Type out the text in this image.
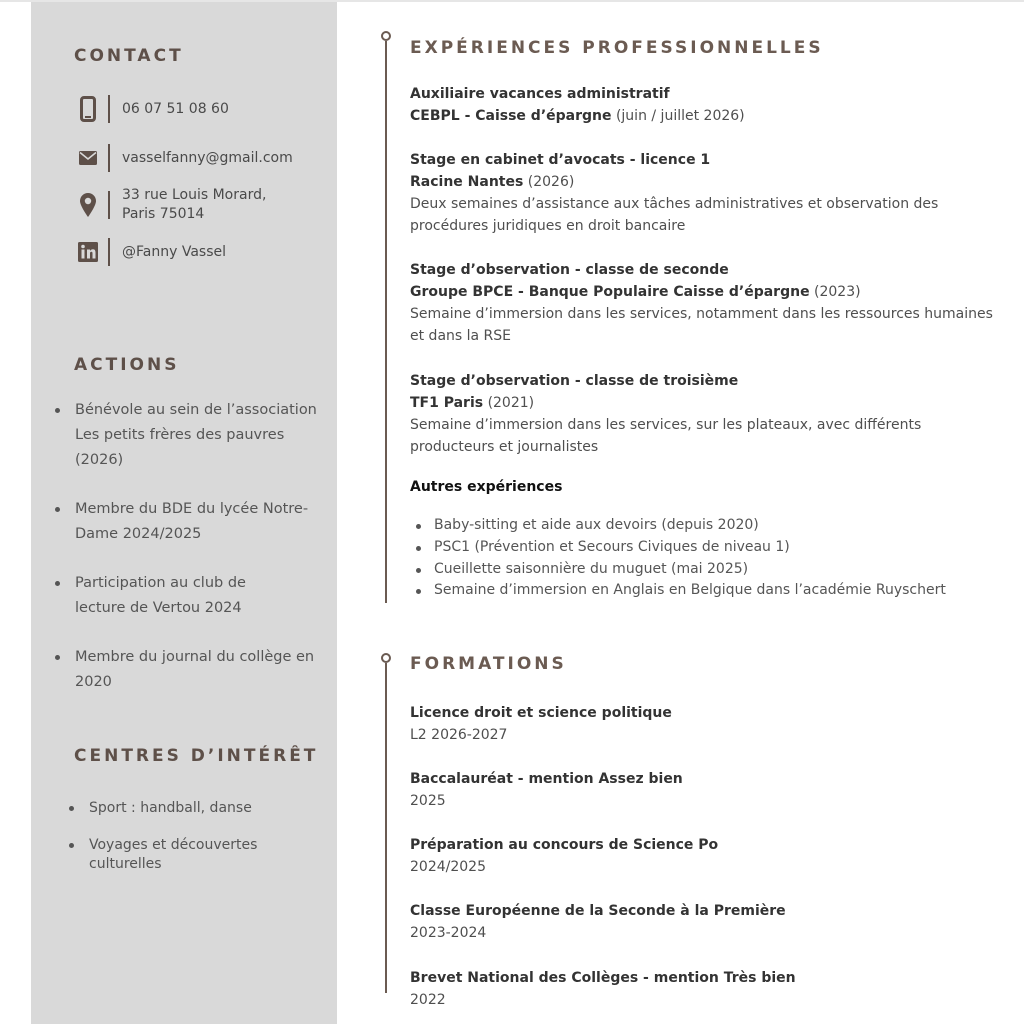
CONTACT
06 07 51 08 60
vasselfanny@gmail.com
33 rue Louis Morard,
Paris 75014
@Fanny Vassel
ACTIONS
Bénévole au sein de l’association
Les petits frères des pauvres
(2026)
Membre du BDE du lycée Notre-
Dame 2024/2025
Participation au club de
lecture de Vertou 2024
Membre du journal du collège en
2020
CENTRES D’INTÉRÊT
Sport : handball, danse
Voyages et découvertes
culturelles
EXPÉRIENCES PROFESSIONNELLES
Auxiliaire vacances administratif
CEBPL - Caisse d’épargne (juin / juillet 2026)
Stage en cabinet d’avocats - licence 1
Racine Nantes (2026)
Deux semaines d’assistance aux tâches administratives et observation des procédures juridiques en droit bancaire
Stage d’observation - classe de seconde
Groupe BPCE - Banque Populaire Caisse d’épargne (2023)
Semaine d’immersion dans les services, notamment dans les ressources humaines et dans la RSE
Stage d’observation - classe de troisième
TF1 Paris (2021)
Semaine d’immersion dans les services, sur les plateaux, avec différents producteurs et journalistes
Autres expériences
Baby-sitting et aide aux devoirs (depuis 2020)
PSC1 (Prévention et Secours Civiques de niveau 1)
Cueillette saisonnière du muguet (mai 2025)
Semaine d’immersion en Anglais en Belgique dans l’académie Ruyschert
FORMATIONS
Licence droit et science politique
L2 2026-2027
Baccalauréat - mention Assez bien
2025
Préparation au concours de Science Po
2024/2025
Classe Européenne de la Seconde à la Première
2023-2024
Brevet National des Collèges - mention Très bien
2022
